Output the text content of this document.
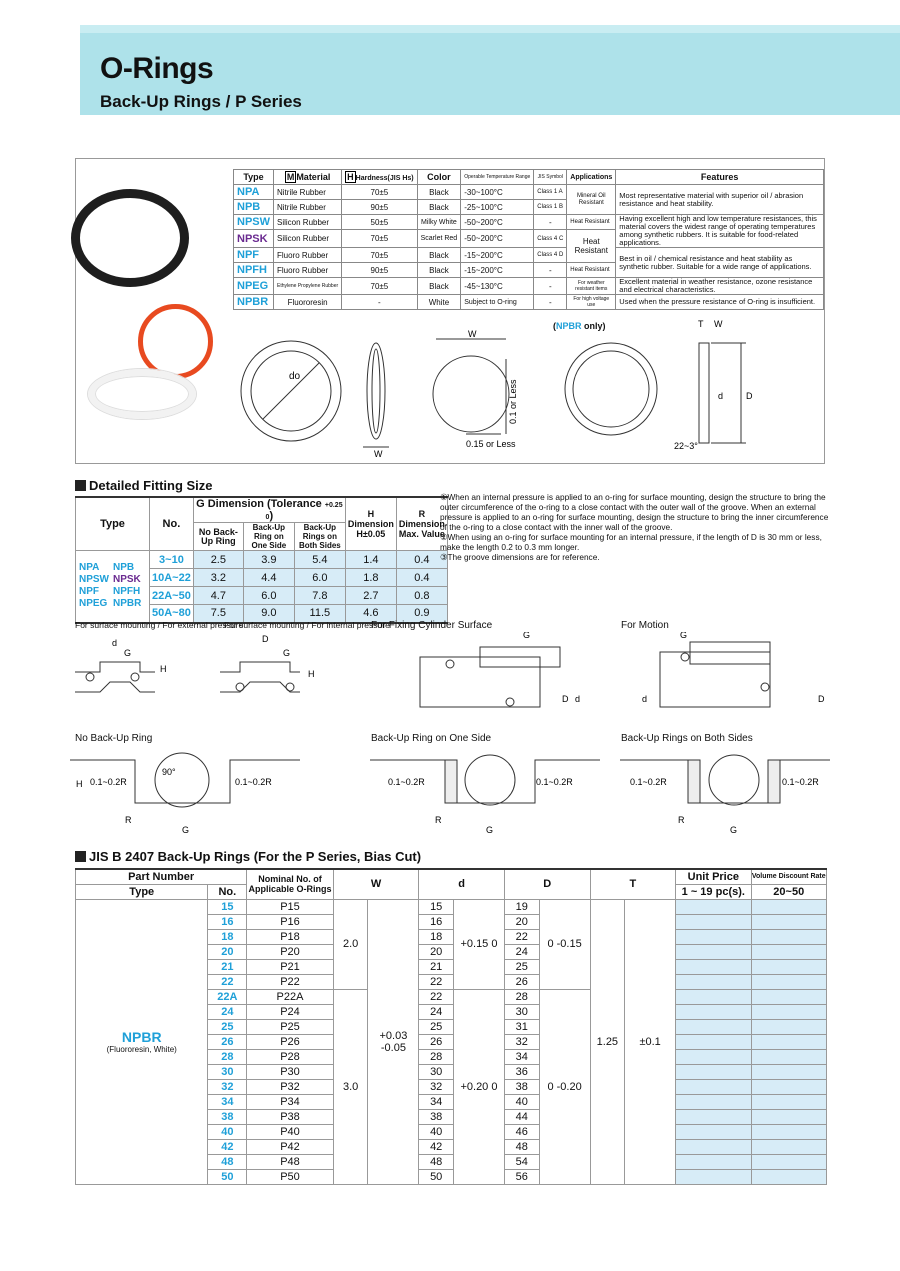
O-Rings
Back-Up Rings / P Series
Type	M Material	H Hardness(JIS Hs)	Color	Operable Temperature Range	JIS Symbol	Applications	Features
NPA	Nitrile Rubber	70±5	Black	-30~100°C	Class 1 A	Mineral Oil Resistant	Most representative material with superior oil / abrasion resistance and heat stability.
NPB	Nitrile Rubber	90±5	Black	-25~100°C	Class 1 B		
NPSW	Silicon Rubber	50±5	Milky White	-50~200°C	-	Heat Resistant	Having excellent high and low temperature resistances, this material covers the widest range of operating temperatures among synthetic rubbers. It is suitable for food-related applications.
NPSK	Silicon Rubber	70±5	Scarlet Red	-50~200°C	Class 4 C	Heat Resistant	
NPF	Fluoro Rubber	70±5	Black	-15~200°C	Class 4 D		Best in oil / chemical resistance and heat stability as synthetic rubber. Suitable for a wide range of applications.
NPFH	Fluoro Rubber	90±5	Black	-15~200°C	-	Heat Resistant	
NPEG	Ethylene Propylene Rubber	70±5	Black	-45~130°C	-	For weather resistant items	Excellent material in weather resistance, ozone resistance and electrical characteristics.
NPBR	Fluororesin	-	White	Subject to O-ring	-	For high voltage use	Used when the pressure resistance of O-ring is insufficient.
do
W
W
0.1 or Less
0.15 or Less
(NPBR only)	T W
d	D
22~3°
Detailed Fitting Size
Type	No.	G Dimension (Tolerance +0.25 0)			H Dimension H±0.05	R Dimension Max. Value
		No Back-Up Ring	Back-Up Ring on One Side	Back-Up Rings on Both Sides		

NPA NPB
NPSW NPSK
NPF NPFH
NPEG NPBR	3~10	2.5	3.9	5.4	1.4	0.4
	10A~22	3.2	4.4	6.0	1.8	0.4
	22A~50	4.7	6.0	7.8	2.7	0.8
	50A~80	7.5	9.0	11.5	4.6	0.9
①When an internal pressure is applied to an o-ring for surface mounting, design the structure to bring the outer circumference of the o-ring to a close contact with the outer wall of the groove. When an external pressure is applied to an o-ring for surface mounting, design the structure to bring the inner circumference of the o-ring to a close contact with the inner wall of the groove.
②When using an o-ring for surface mounting for an internal pressure, if the length of D is 30 mm or less, make the length 0.2 to 0.3 mm longer.
③The groove dimensions are for reference.
For surface mounting / For external pressure
For surface mounting / For internal pressure
For Fixing Cylinder Surface	For Motion
No Back-Up Ring	Back-Up Ring on One Side	Back-Up Rings on Both Sides
d
G
H
D
G
H
G
D d
G
d	D
0.1~0.2R	0.1~0.2R
90°
G
R
H	0.1~0.2R	0.1~0.2R
G
R
0.1~0.2R	0.1~0.2R
G
R
JIS B 2407 Back-Up Rings (For the P Series, Bias Cut)
Part Number		Nominal No. of Applicable O-Rings	W		d		D		T		Unit Price	Volume Discount Rate
Type	No.										1 ~ 19 pc(s).	20~50

NPBR
(Fluororesin, White)	15	P15	2.0	+0.03 -0.05	15	+0.15 0	19	0 -0.15	1.25	±0.1		
	16	P16			16		20					
	18	P18			18		22					
	20	P20			20		24					
	21	P21			21		25					
	22	P22			22		26					
	22A	P22A	3.0		22	+0.20 0	28	0 -0.20				
	24	P24			24		30					
	25	P25			25		31					
	26	P26			26		32					
	28	P28			28		34					
	30	P30			30		36					
	32	P32			32		38					
	34	P34			34		40					
	38	P38			38		44					
	40	P40			40		46					
	42	P42			42		48					
	48	P48			48		54					
	50	P50			50		56					
